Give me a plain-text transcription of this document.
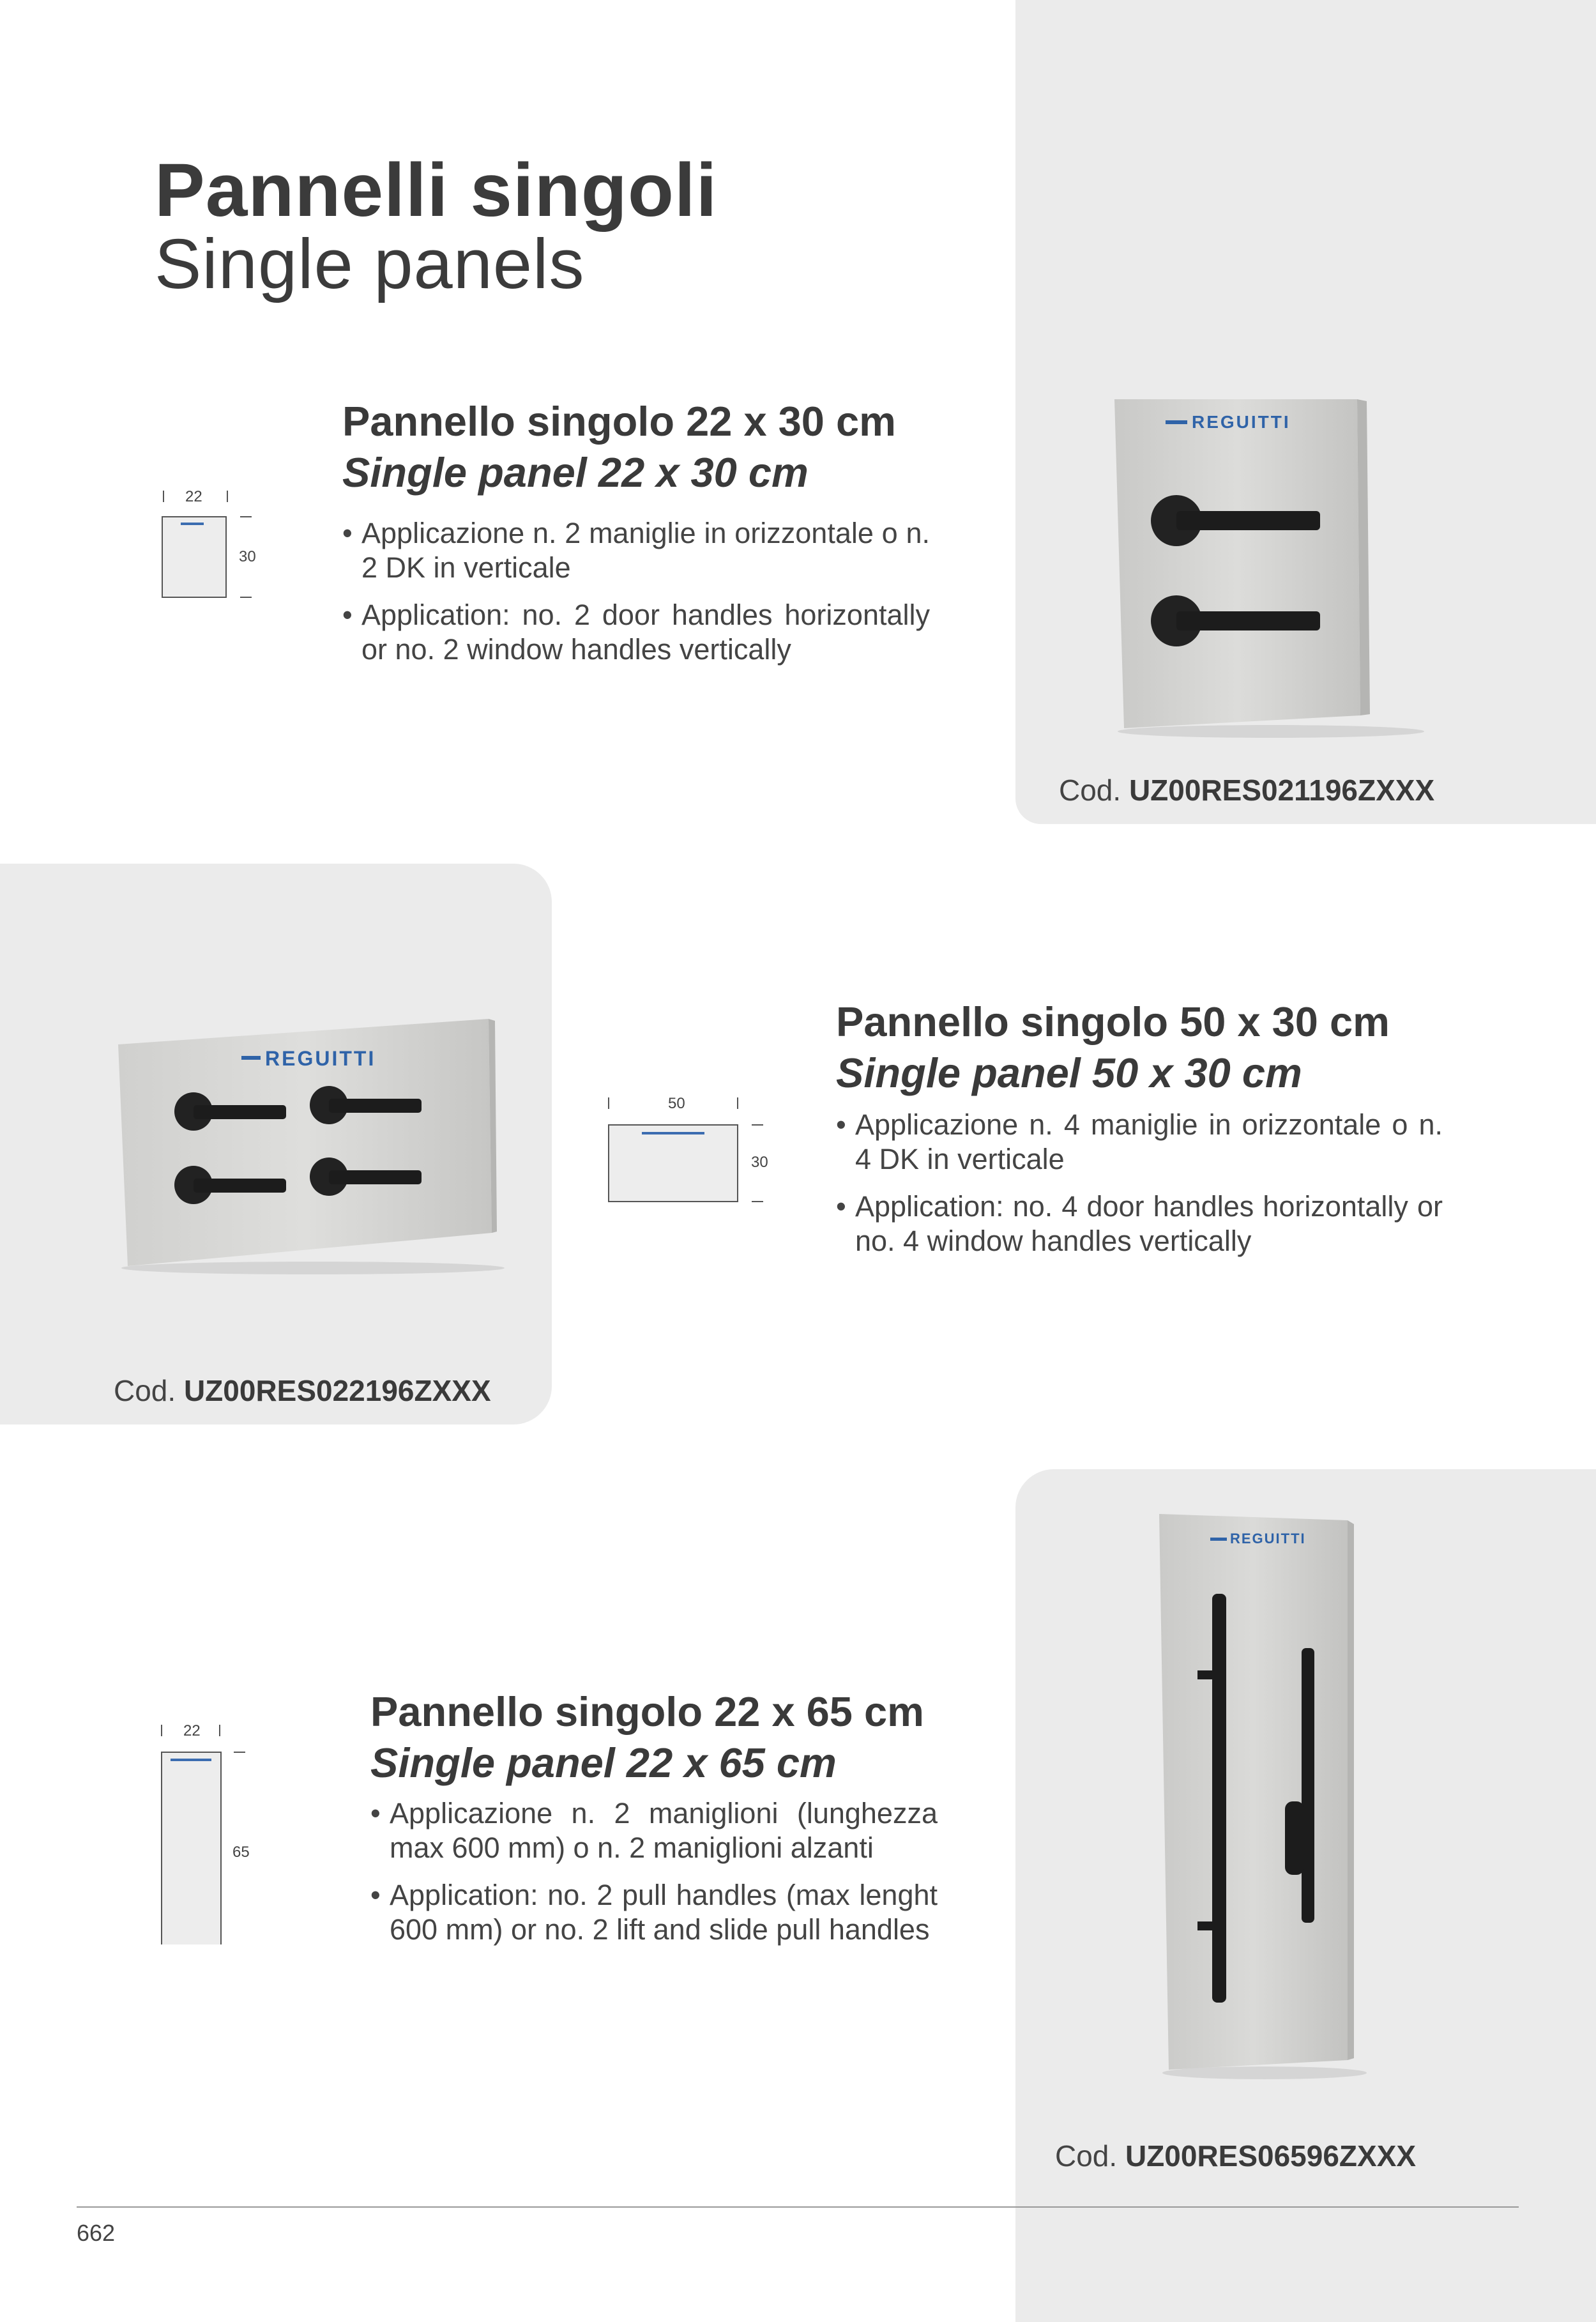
Pannelli singoli
Single panels
22
30
Pannello singolo 22 x 30 cm
Single panel 22 x 30 cm
• Applicazione n. 2 maniglie in orizzontale o n. 2 DK in verticale
• Application: no. 2 door handles horizontally or no. 2 window handles vertically
REGUITTI
Cod. UZ00RES021196ZXXX
REGUITTI
Cod. UZ00RES022196ZXXX
50
30
Pannello singolo 50 x 30 cm
Single panel 50 x 30 cm
• Applicazione n. 4 maniglie in orizzontale o n. 4 DK in verticale
• Application: no. 4 door handles horizontally or no. 4 window handles vertically
22
65
Pannello singolo 22 x 65 cm
Single panel 22 x 65 cm
• Applicazione n. 2 maniglioni (lunghezza max 600 mm) o n. 2 maniglioni alzanti
• Application: no. 2 pull handles (max lenght 600 mm) or no. 2 lift and slide pull handles
REGUITTI
Cod. UZ00RES06596ZXXX
662
